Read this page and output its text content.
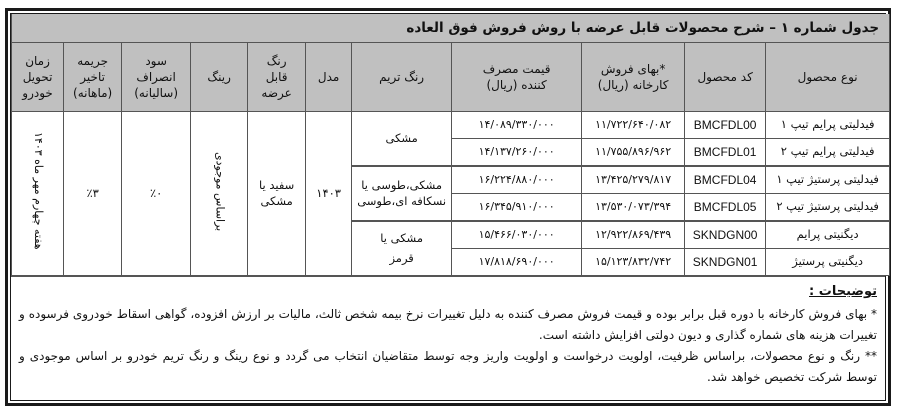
جدول شماره ۱ – شرح محصولات قابل عرضه با روش فروش فوق العاده										
نوع محصول	کد محصول	*بهای فروش کارخانه (ریال)	قیمت مصرف کننده (ریال)	رنگ تریم	مدل	رنگ قابل عرضه	رینگ	سود انصراف (سالیانه)	جریمه تاخیر (ماهانه)	زمان تحویل خودرو
فیدلیتی پرایم تیپ ۱	BMCFDL00	۱۱/۷۲۲/۶۴۰/۰۸۲	۱۴/۰۸۹/۳۳۰/۰۰۰	مشکی	۱۴۰۳	سفید یا
مشکی	براساس موجودی	٪۰	٪۳	هفته چهارم مهر ماه ۱۴۰۳
فیدلیتی پرایم تیپ ۲	BMCFDL01	۱۱/۷۵۵/۸۹۶/۹۶۲	۱۴/۱۳۷/۲۶۰/۰۰۰							
فیدلیتی پرستیژ تیپ ۱	BMCFDL04	۱۳/۴۲۵/۲۷۹/۸۱۷	۱۶/۲۲۴/۸۸۰/۰۰۰	مشکی،طوسی یا
نسکافه ای،طوسی						

فیدلیتی پرستیژ تیپ ۲	BMCFDL05	۱۳/۵۳۰/۰۷۳/۳۹۴	۱۶/۳۴۵/۹۱۰/۰۰۰							
دیگنیتی پرایم	SKNDGN00	۱۲/۹۲۲/۸۶۹/۴۳۹	۱۵/۴۶۶/۰۳۰/۰۰۰	مشکی یا
قرمز						

دیگنیتی پرستیژ	SKNDGN01	۱۵/۱۲۳/۸۳۲/۷۴۲	۱۷/۸۱۸/۶۹۰/۰۰۰							
توضیحات :
* بهای فروش کارخانه با دوره قبل برابر بوده و قیمت فروش مصرف کننده به دلیل تغییرات نرخ بیمه شخص ثالث، مالیات بر ارزش افزوده، گواهی اسقاط خودروی فرسوده و تغییرات هزینه های شماره گذاری و دیون دولتی افزایش داشته است.
** رنگ و نوع محصولات، براساس ظرفیت، اولویت درخواست و اولویت واریز وجه توسط متقاضیان انتخاب می گردد و نوع رینگ و رنگ تریم خودرو بر اساس موجودی و توسط شرکت تخصیص خواهد شد.
